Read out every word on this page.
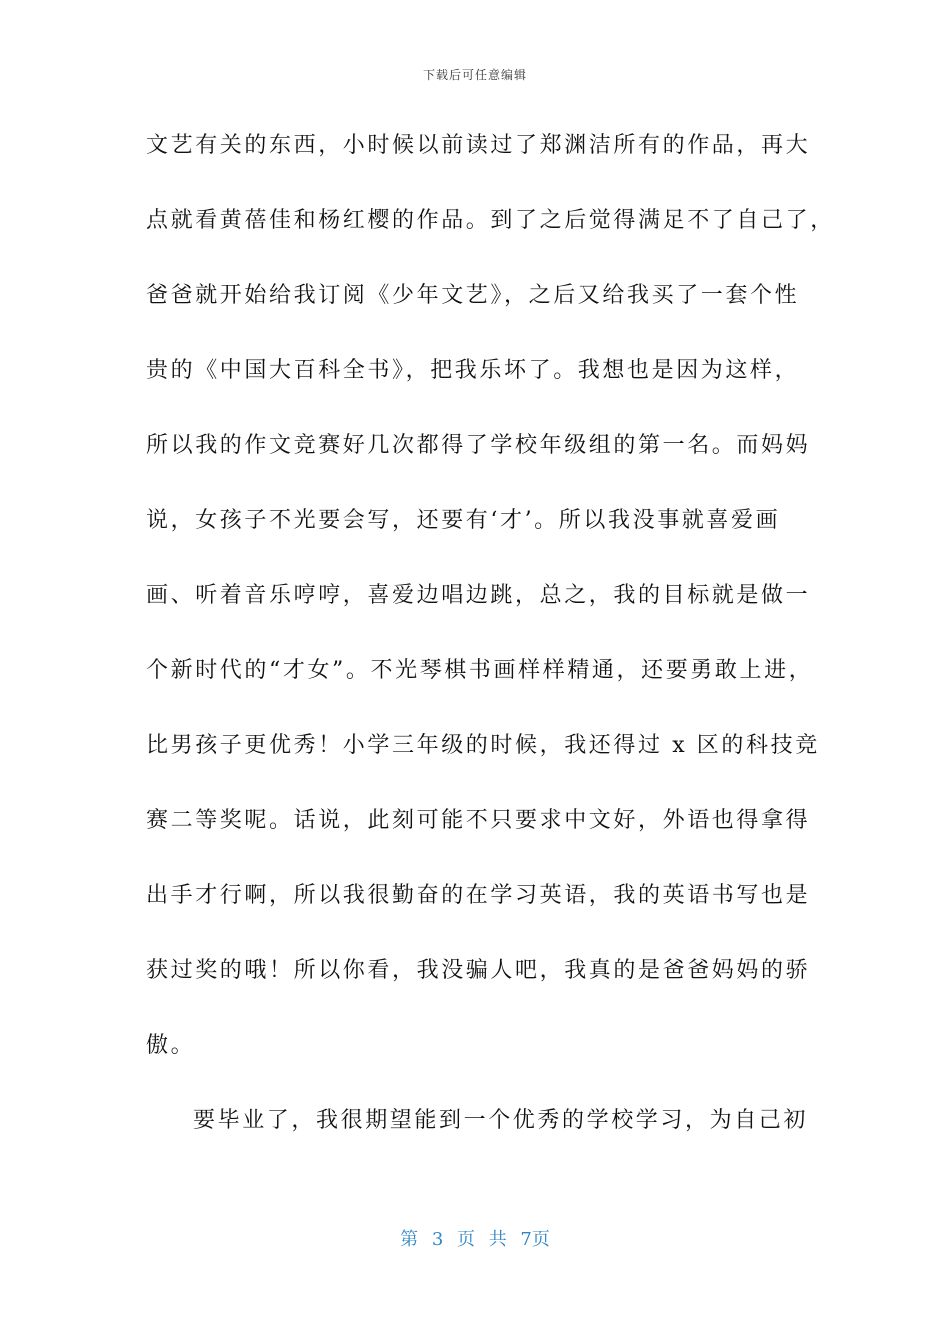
下载后可任意编辑
文艺有关的东西，小时候以前读过了郑渊洁所有的作品，再大
点就看黄蓓佳和杨红樱的作品。到了之后觉得满足不了自己了，
爸爸就开始给我订阅《少年文艺》，之后又给我买了一套个性
贵的《中国大百科全书》，把我乐坏了。我想也是因为这样，
所以我的作文竞赛好几次都得了学校年级组的第一名。而妈妈
说，女孩子不光要会写，还要有‘才’。所以我没事就喜爱画
画、听着音乐哼哼，喜爱边唱边跳，总之，我的目标就是做一
个新时代的“才女”。不光琴棋书画样样精通，还要勇敢上进，
比男孩子更优秀！小学三年级的时候，我还得过 x 区的科技竞
赛二等奖呢。话说，此刻可能不只要求中文好，外语也得拿得
出手才行啊，所以我很勤奋的在学习英语，我的英语书写也是
获过奖的哦！所以你看，我没骗人吧，我真的是爸爸妈妈的骄
傲。
要毕业了，我很期望能到一个优秀的学校学习，为自己初
第 3 页 共 7页
